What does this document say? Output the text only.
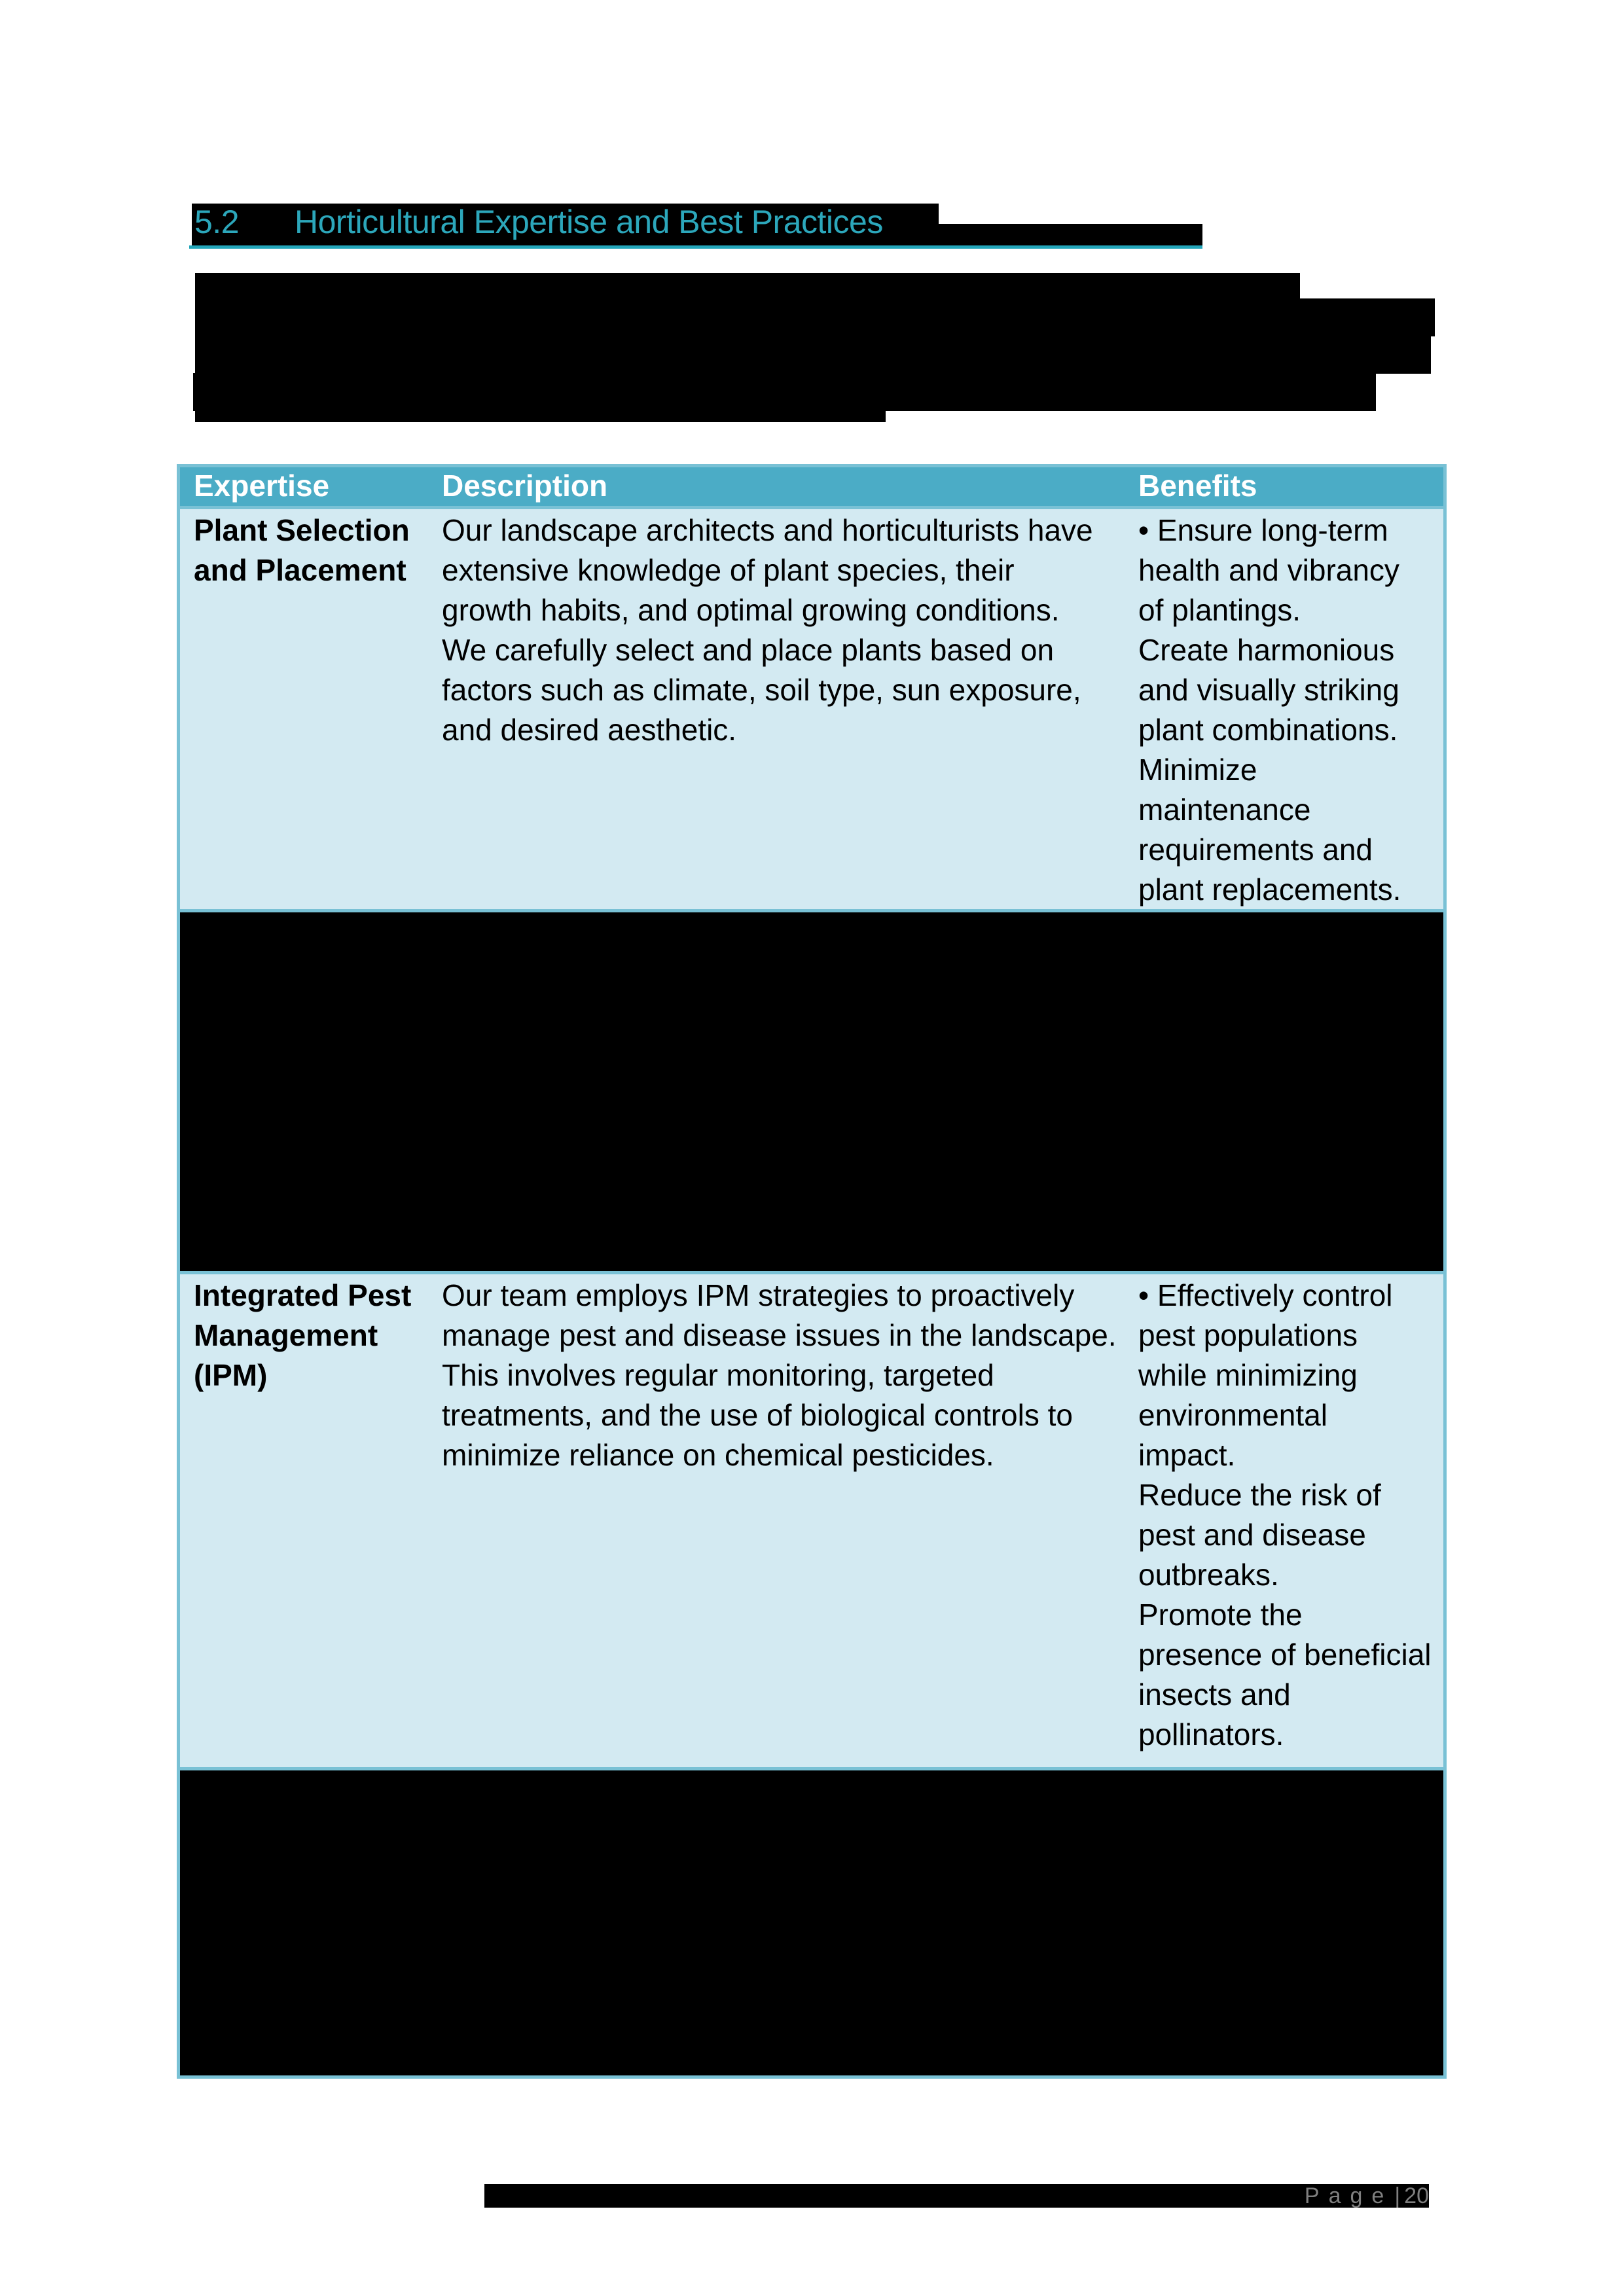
5.2 Horticultural Expertise and Best Practices
Expertise	Description	Benefits
Plant Selection
and Placement
Our landscape architects and horticulturists have
extensive knowledge of plant species, their
growth habits, and optimal growing conditions.
We carefully select and place plants based on
factors such as climate, soil type, sun exposure,
and desired aesthetic.
• Ensure long-term
health and vibrancy
of plantings.
Create harmonious
and visually striking
plant combinations.
Minimize
maintenance
requirements and
plant replacements.
Integrated Pest
Management
(IPM)
Our team employs IPM strategies to proactively
manage pest and disease issues in the landscape.
This involves regular monitoring, targeted
treatments, and the use of biological controls to
minimize reliance on chemical pesticides.
• Effectively control
pest populations
while minimizing
environmental
impact.
Reduce the risk of
pest and disease
outbreaks.
Promote the
presence of beneficial
insects and
pollinators.
Page| 20
